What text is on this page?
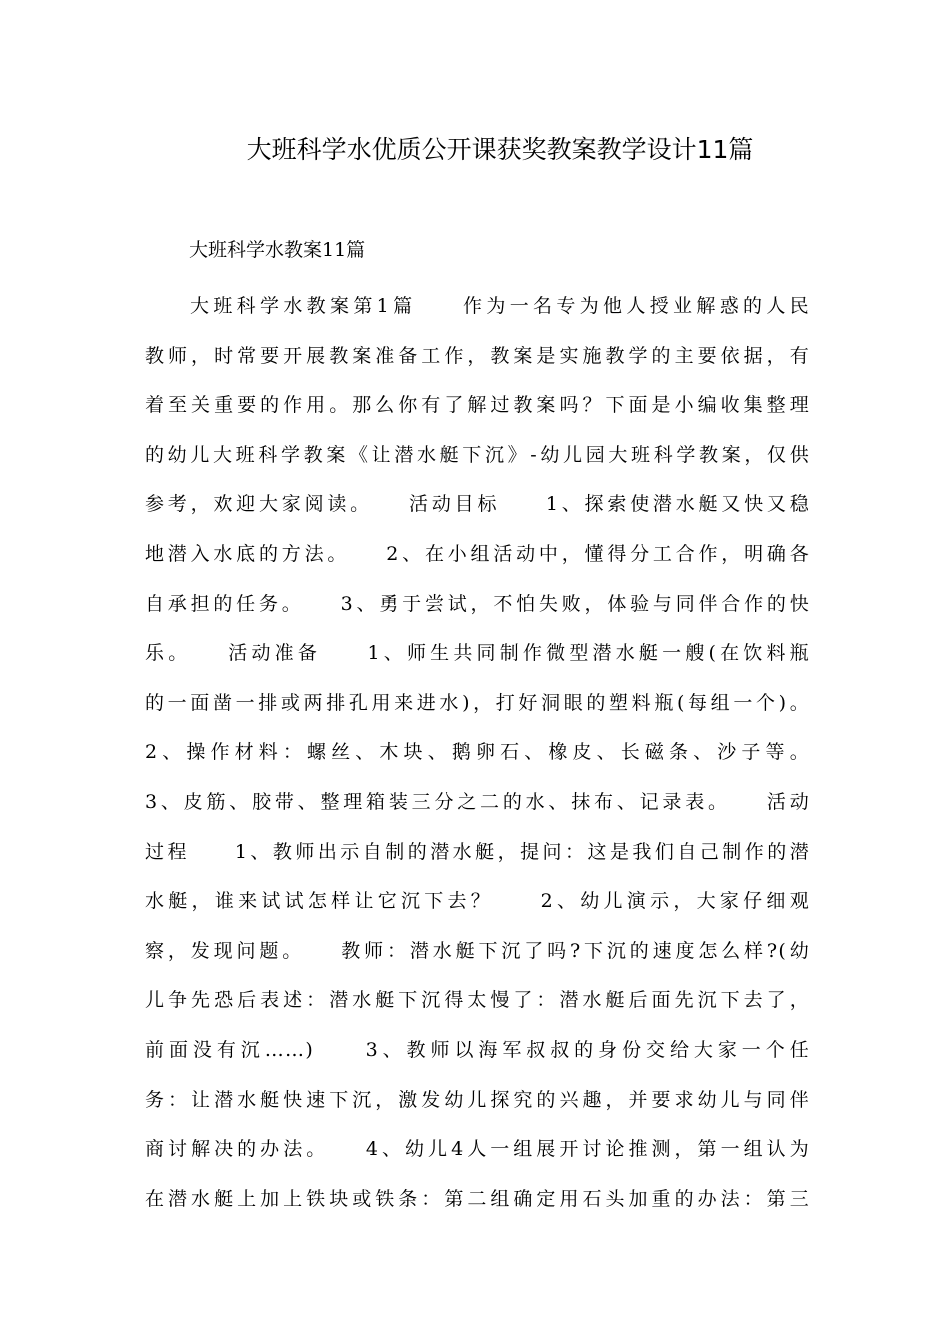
大班科学水优质公开课获奖教案教学设计11篇

大班科学水教案11篇

大班科学水教案第1篇　　作为一名专为他人授业解惑的人民
教师，时常要开展教案准备工作，教案是实施教学的主要依据，有
着至关重要的作用。那么你有了解过教案吗？下面是小编收集整理
的幼儿大班科学教案《让潜水艇下沉》-幼儿园大班科学教案，仅供
参考，欢迎大家阅读。　　活动目标　　1、探索使潜水艇又快又稳
地潜入水底的方法。　　2、在小组活动中，懂得分工合作，明确各
自承担的任务。　　3、勇于尝试，不怕失败，体验与同伴合作的快
乐。　　活动准备　　1、师生共同制作微型潜水艇一艘(在饮料瓶
的一面凿一排或两排孔用来进水)，打好洞眼的塑料瓶(每组一个)。
2、操作材料：螺丝、木块、鹅卵石、橡皮、长磁条、沙子等。
3、皮筋、胶带、整理箱装三分之二的水、抹布、记录表。　　活动
过程　　1、教师出示自制的潜水艇，提问：这是我们自己制作的潜
水艇，谁来试试怎样让它沉下去？　　2、幼儿演示，大家仔细观
察，发现问题。　　教师：潜水艇下沉了吗?下沉的速度怎么样?(幼
儿争先恐后表述：潜水艇下沉得太慢了：潜水艇后面先沉下去了，
前面没有沉……)　　3、教师以海军叔叔的身份交给大家一个任
务：让潜水艇快速下沉，激发幼儿探究的兴趣，并要求幼儿与同伴
商讨解决的办法。　　4、幼儿4人一组展开讨论推测，第一组认为
在潜水艇上加上铁块或铁条：第二组确定用石头加重的办法：第三
